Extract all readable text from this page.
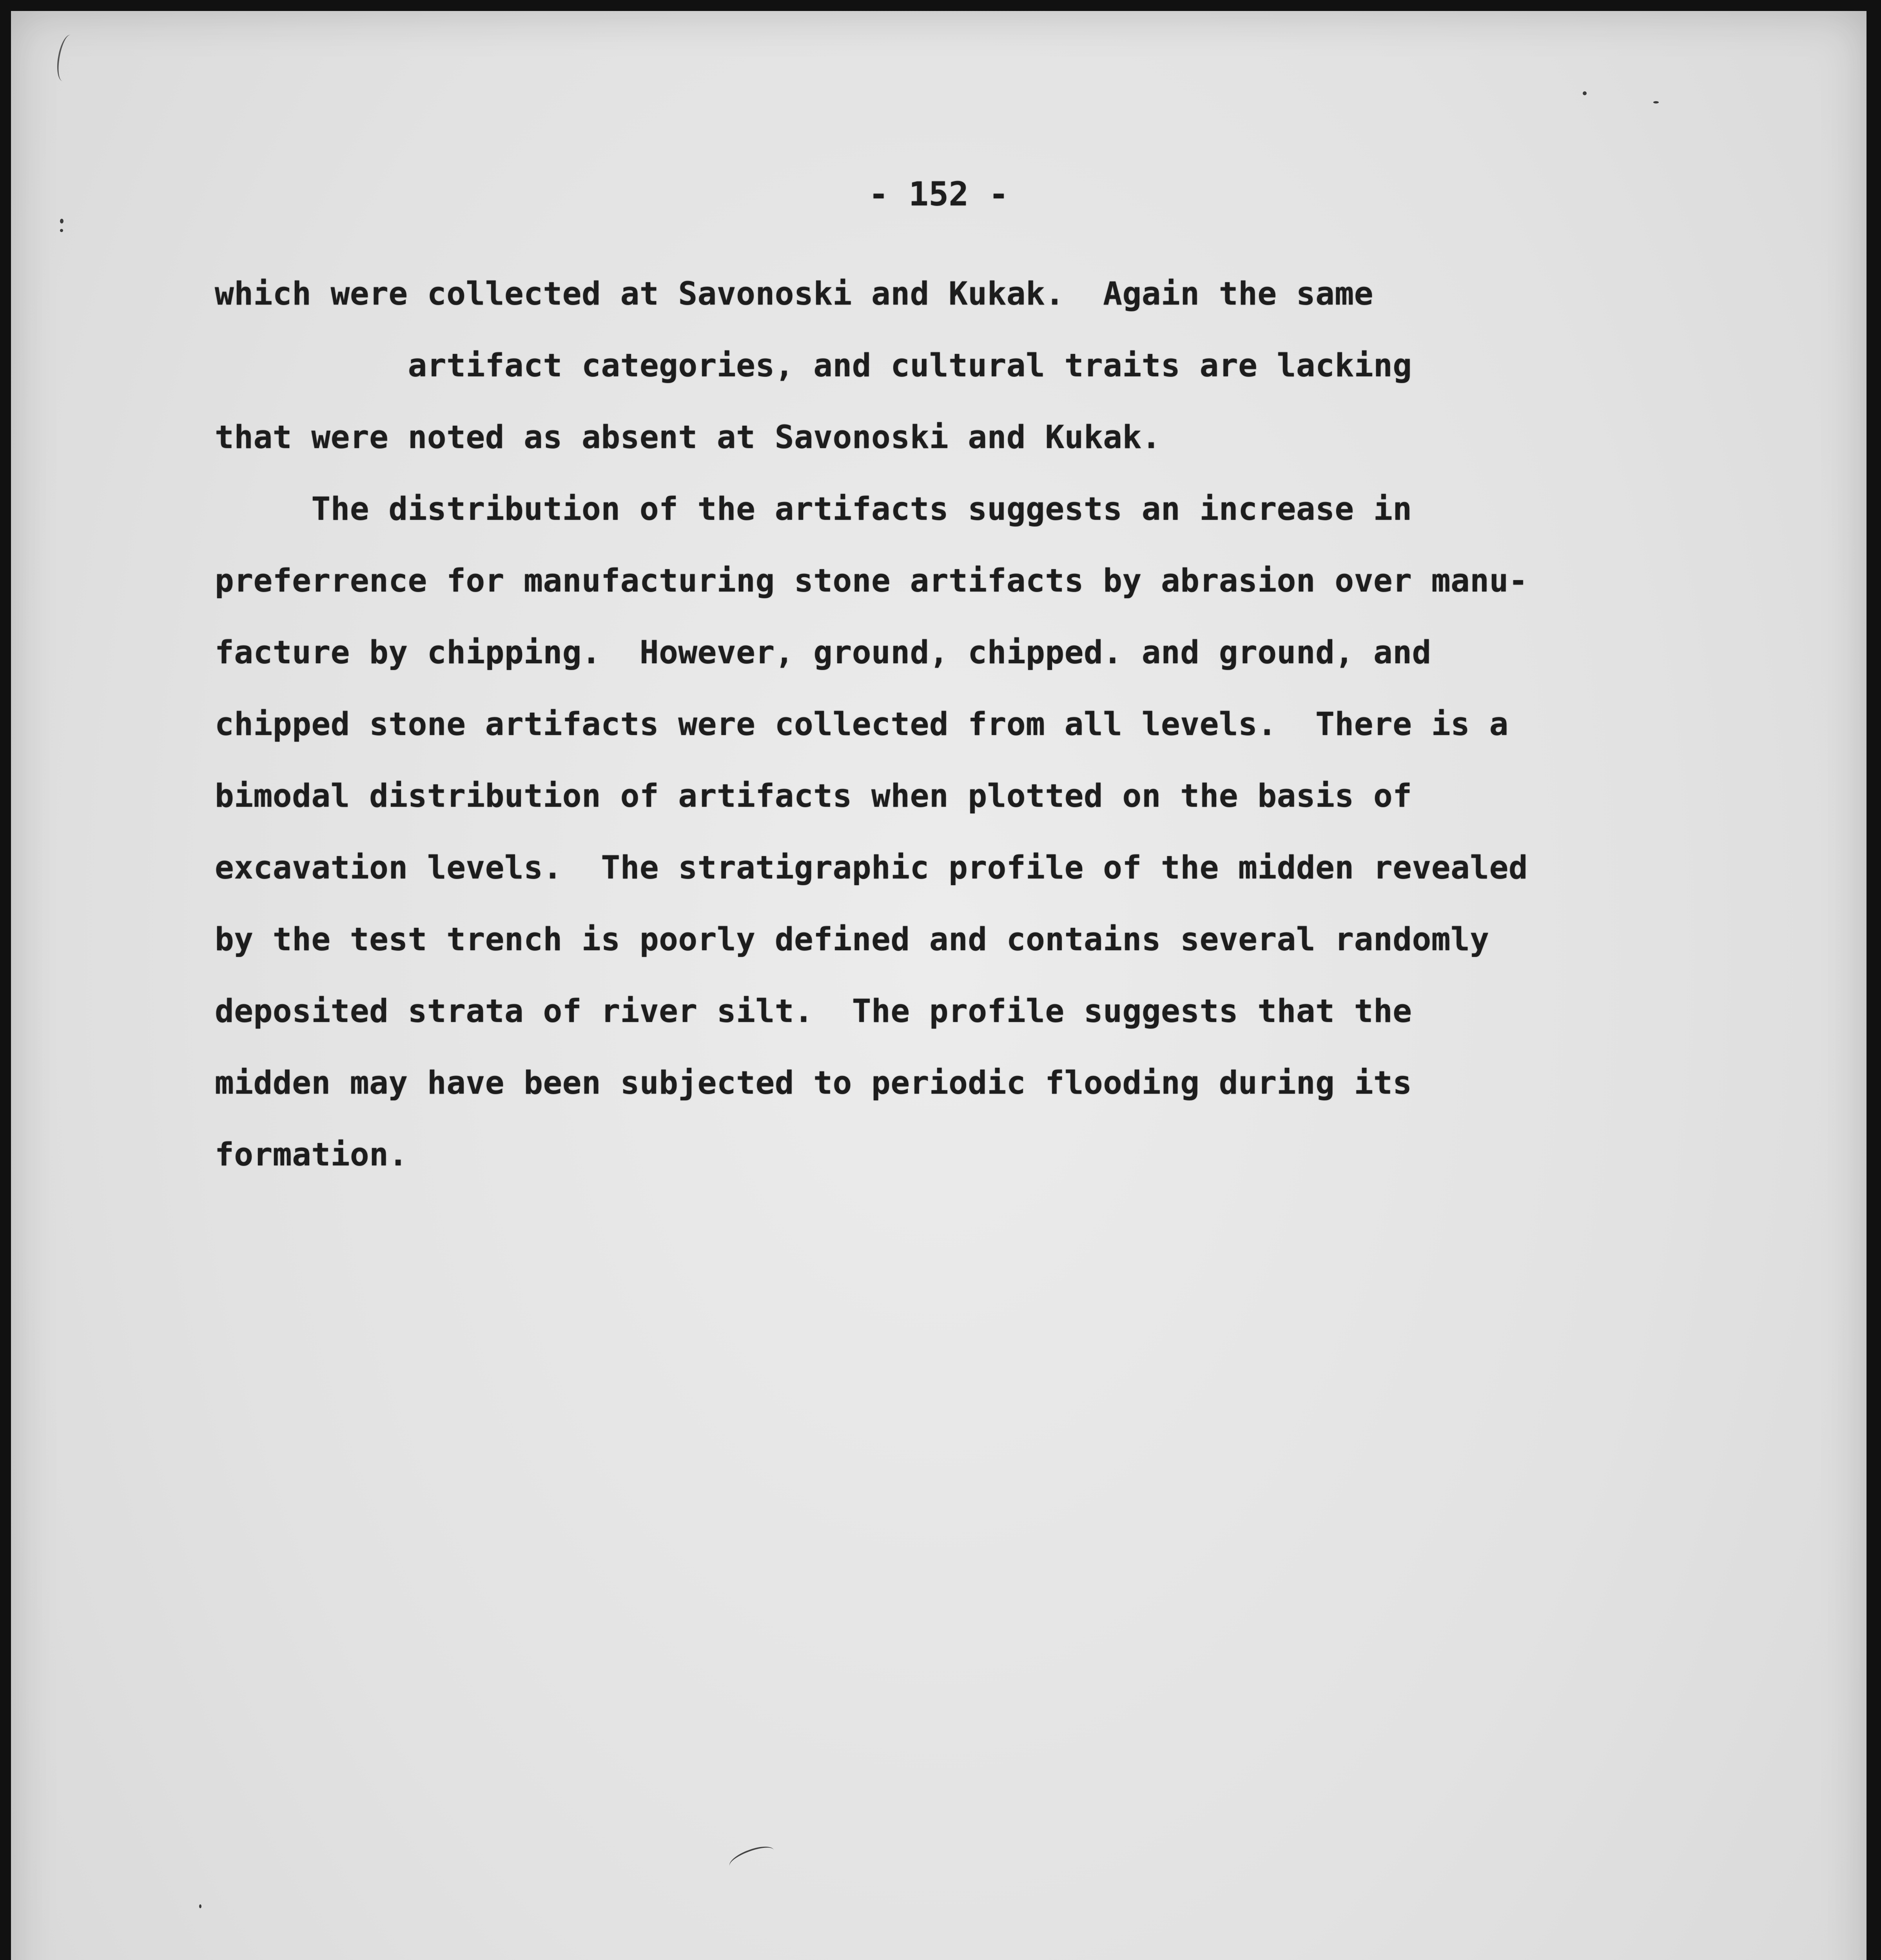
- 152 -
which were collected at Savonoski and Kukak.  Again the same
artifact categories, and cultural traits are lacking
that were noted as absent at Savonoski and Kukak.
The distribution of the artifacts suggests an increase in
preferrence for manufacturing stone artifacts by abrasion over manu-
facture by chipping.  However, ground, chipped. and ground, and
chipped stone artifacts were collected from all levels.  There is a
bimodal distribution of artifacts when plotted on the basis of
excavation levels.  The stratigraphic profile of the midden revealed
by the test trench is poorly defined and contains several randomly
deposited strata of river silt.  The profile suggests that the
midden may have been subjected to periodic flooding during its
formation.
